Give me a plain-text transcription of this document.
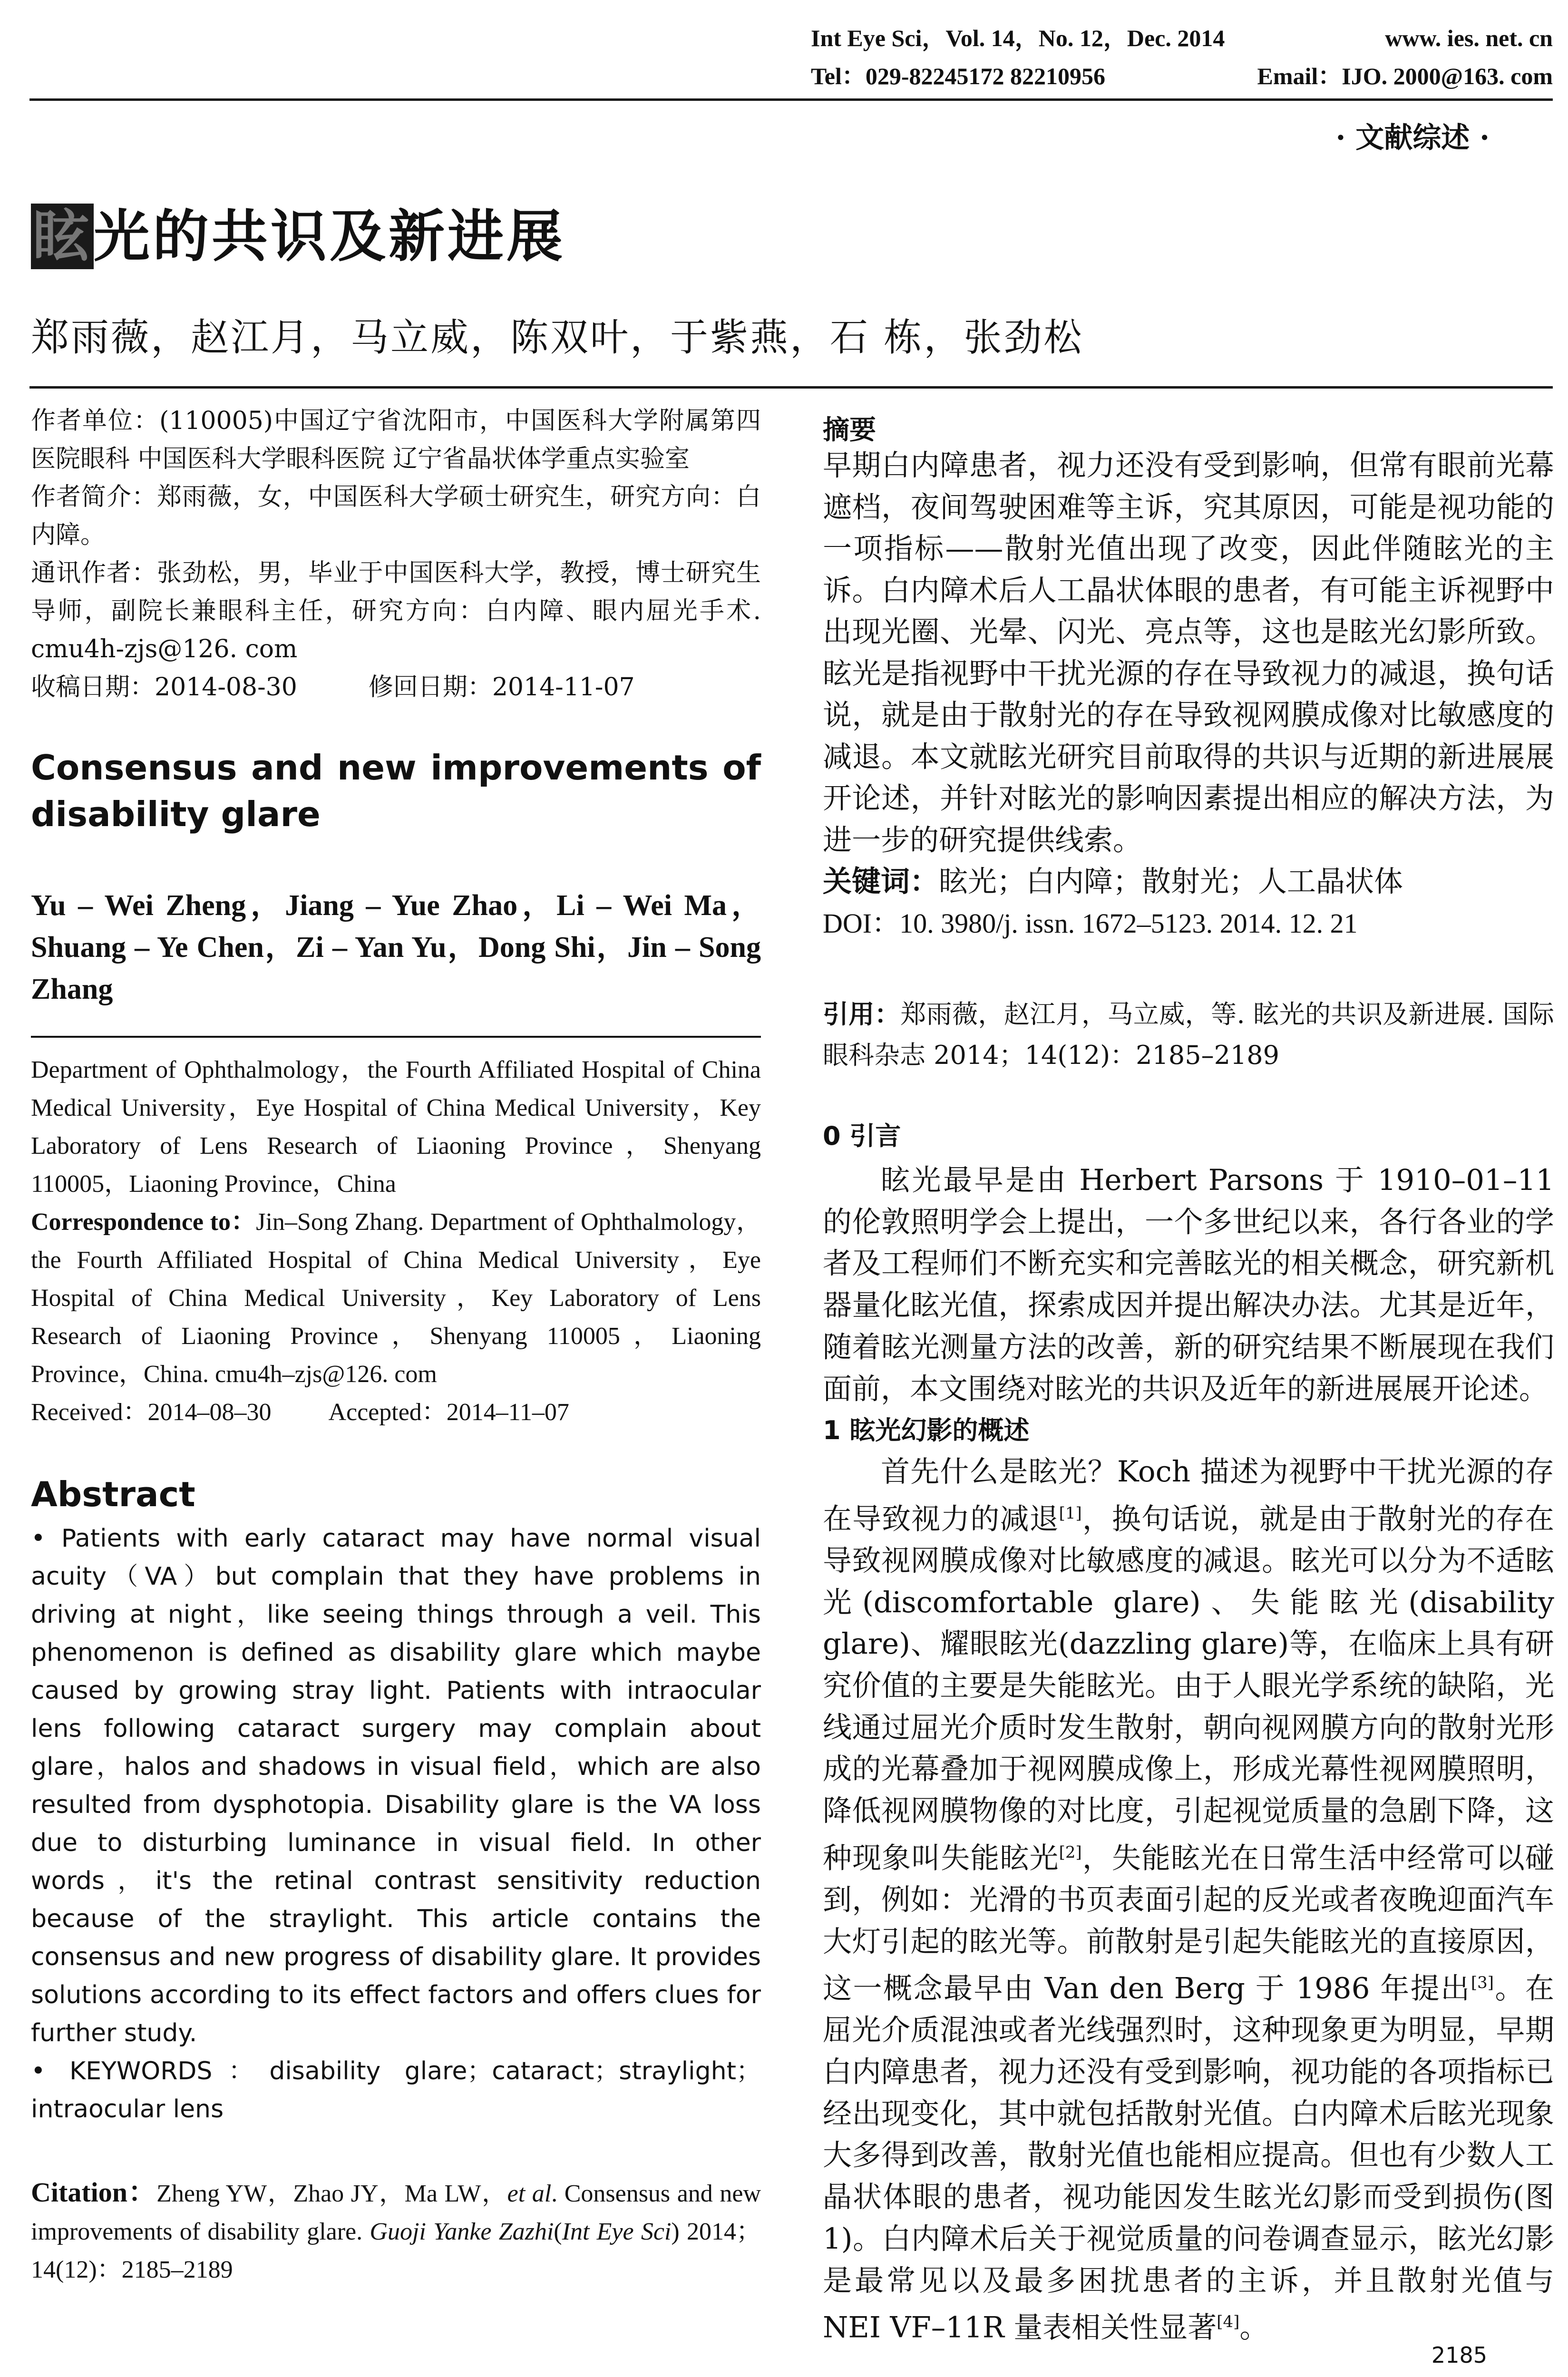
Int Eye Sci，Vol. 14，No. 12，Dec. 2014	www. ies. net. cn
Tel：029-82245172 82210956	Email：IJO. 2000@163. com
· 文献综述 ·
眩光的共识及新进展
郑雨薇，赵江月，马立威，陈双叶，于紫燕，石 栋，张劲松

作者单位：(110005)中国辽宁省沈阳市，中国医科大学附属第四医院眼科 中国医科大学眼科医院 辽宁省晶状体学重点实验室

作者简介：郑雨薇，女，中国医科大学硕士研究生，研究方向：白内障。

通讯作者：张劲松，男，毕业于中国医科大学，教授，博士研究生导师，副院长兼眼科主任，研究方向：白内障、眼内屈光手术. cmu4h-zjs@126. com

收稿日期：2014-08-30	修回日期：2014-11-07

Consensus and new improvements of disability glare
Yu – Wei Zheng，Jiang – Yue Zhao，Li – Wei Ma，Shuang – Ye Chen，Zi – Yan Yu，Dong Shi，Jin – Song Zhang

Department of Ophthalmology，the Fourth Affiliated Hospital of China Medical University，Eye Hospital of China Medical University，Key Laboratory of Lens Research of Liaoning Province，Shenyang 110005，Liaoning Province，China

Correspondence to：Jin–Song Zhang. Department of Ophthalmology，the Fourth Affiliated Hospital of China Medical University，Eye Hospital of China Medical University，Key Laboratory of Lens Research of Liaoning Province，Shenyang 110005，Liaoning Province，China. cmu4h–zjs@126. com

Received：2014–08–30 Accepted：2014–11–07

Abstract

• Patients with early cataract may have normal visual acuity（VA）but complain that they have problems in driving at night，like seeing things through a veil. This phenomenon is defined as disability glare which maybe caused by growing stray light. Patients with intraocular lens following cataract surgery may complain about glare，halos and shadows in visual field，which are also resulted from dysphotopia. Disability glare is the VA loss due to disturbing luminance in visual field. In other words，it's the retinal contrast sensitivity reduction because of the straylight. This article contains the consensus and new progress of disability glare. It provides solutions according to its effect factors and offers clues for further study.

• KEYWORDS：disability glare；cataract；straylight；intraocular lens

Citation：Zheng YW，Zhao JY，Ma LW，et al. Consensus and new improvements of disability glare. Guoji Yanke Zazhi(Int Eye Sci) 2014；14(12)：2185–2189
摘要

早期白内障患者，视力还没有受到影响，但常有眼前光幕遮档，夜间驾驶困难等主诉，究其原因，可能是视功能的一项指标——散射光值出现了改变，因此伴随眩光的主诉。白内障术后人工晶状体眼的患者，有可能主诉视野中出现光圈、光晕、闪光、亮点等，这也是眩光幻影所致。眩光是指视野中干扰光源的存在导致视力的减退，换句话说，就是由于散射光的存在导致视网膜成像对比敏感度的减退。本文就眩光研究目前取得的共识与近期的新进展展开论述，并针对眩光的影响因素提出相应的解决方法，为进一步的研究提供线索。

关键词：眩光；白内障；散射光；人工晶状体

DOI：10. 3980/j. issn. 1672–5123. 2014. 12. 21

引用：郑雨薇，赵江月，马立威，等. 眩光的共识及新进展. 国际眼科杂志 2014；14(12)：2185–2189
0 引言

眩光最早是由 Herbert Parsons 于 1910–01–11 的伦敦照明学会上提出，一个多世纪以来，各行各业的学者及工程师们不断充实和完善眩光的相关概念，研究新机器量化眩光值，探索成因并提出解决办法。尤其是近年，随着眩光测量方法的改善，新的研究结果不断展现在我们面前，本文围绕对眩光的共识及近年的新进展展开论述。

1 眩光幻影的概述

首先什么是眩光？Koch 描述为视野中干扰光源的存在导致视力的减退[1]，换句话说，就是由于散射光的存在导致视网膜成像对比敏感度的减退。眩光可以分为不适眩光(discomfortable glare)、失能眩光(disability glare)、耀眼眩光(dazzling glare)等，在临床上具有研究价值的主要是失能眩光。由于人眼光学系统的缺陷，光线通过屈光介质时发生散射，朝向视网膜方向的散射光形成的光幕叠加于视网膜成像上，形成光幕性视网膜照明，降低视网膜物像的对比度，引起视觉质量的急剧下降，这种现象叫失能眩光[2]，失能眩光在日常生活中经常可以碰到，例如：光滑的书页表面引起的反光或者夜晚迎面汽车大灯引起的眩光等。前散射是引起失能眩光的直接原因，这一概念最早由 Van den Berg 于 1986 年提出[3]。在屈光介质混浊或者光线强烈时，这种现象更为明显，早期白内障患者，视力还没有受到影响，视功能的各项指标已经出现变化，其中就包括散射光值。白内障术后眩光现象大多得到改善，散射光值也能相应提高。但也有少数人工晶状体眼的患者，视功能因发生眩光幻影而受到损伤(图 1)。白内障术后关于视觉质量的问卷调查显示，眩光幻影是最常见以及最多困扰患者的主诉，并且散射光值与 NEI VF–11R 量表相关性显著[4]。

2185
